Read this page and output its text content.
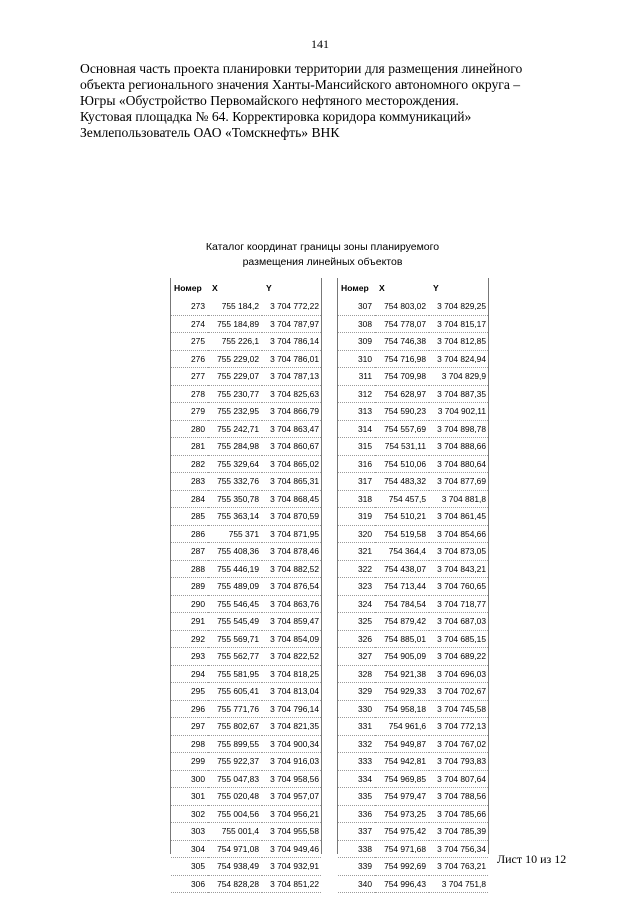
141
Основная часть проекта планировки территории для размещения линейного
объекта регионального значения Ханты-Мансийского автономного округа –
Югры «Обустройство Первомайского нефтяного месторождения.
Кустовая площадка № 64. Корректировка коридора коммуникаций»
Землепользователь ОАО «Томскнефть» ВНК
Каталог координат границы зоны планируемого
размещения линейных объектов
Номер	X	Y
273	755 184,2	3 704 772,22
274	755 184,89	3 704 787,97
275	755 226,1	3 704 786,14
276	755 229,02	3 704 786,01
277	755 229,07	3 704 787,13
278	755 230,77	3 704 825,63
279	755 232,95	3 704 866,79
280	755 242,71	3 704 863,47
281	755 284,98	3 704 860,67
282	755 329,64	3 704 865,02
283	755 332,76	3 704 865,31
284	755 350,78	3 704 868,45
285	755 363,14	3 704 870,59
286	755 371	3 704 871,95
287	755 408,36	3 704 878,46
288	755 446,19	3 704 882,52
289	755 489,09	3 704 876,54
290	755 546,45	3 704 863,76
291	755 545,49	3 704 859,47
292	755 569,71	3 704 854,09
293	755 562,77	3 704 822,52
294	755 581,95	3 704 818,25
295	755 605,41	3 704 813,04
296	755 771,76	3 704 796,14
297	755 802,67	3 704 821,35
298	755 899,55	3 704 900,34
299	755 922,37	3 704 916,03
300	755 047,83	3 704 958,56
301	755 020,48	3 704 957,07
302	755 004,56	3 704 956,21
303	755 001,4	3 704 955,58
304	754 971,08	3 704 949,46
305	754 938,49	3 704 932,91
306	754 828,28	3 704 851,22
Номер	X	Y
307	754 803,02	3 704 829,25
308	754 778,07	3 704 815,17
309	754 746,38	3 704 812,85
310	754 716,98	3 704 824,94
311	754 709,98	3 704 829,9
312	754 628,97	3 704 887,35
313	754 590,23	3 704 902,11
314	754 557,69	3 704 898,78
315	754 531,11	3 704 888,66
316	754 510,06	3 704 880,64
317	754 483,32	3 704 877,69
318	754 457,5	3 704 881,8
319	754 510,21	3 704 861,45
320	754 519,58	3 704 854,66
321	754 364,4	3 704 873,05
322	754 438,07	3 704 843,21
323	754 713,44	3 704 760,65
324	754 784,54	3 704 718,77
325	754 879,42	3 704 687,03
326	754 885,01	3 704 685,15
327	754 905,09	3 704 689,22
328	754 921,38	3 704 696,03
329	754 929,33	3 704 702,67
330	754 958,18	3 704 745,58
331	754 961,6	3 704 772,13
332	754 949,87	3 704 767,02
333	754 942,81	3 704 793,83
334	754 969,85	3 704 807,64
335	754 979,47	3 704 788,56
336	754 973,25	3 704 785,66
337	754 975,42	3 704 785,39
338	754 971,68	3 704 756,34
339	754 992,69	3 704 763,21
340	754 996,43	3 704 751,8
Лист 10 из 12
